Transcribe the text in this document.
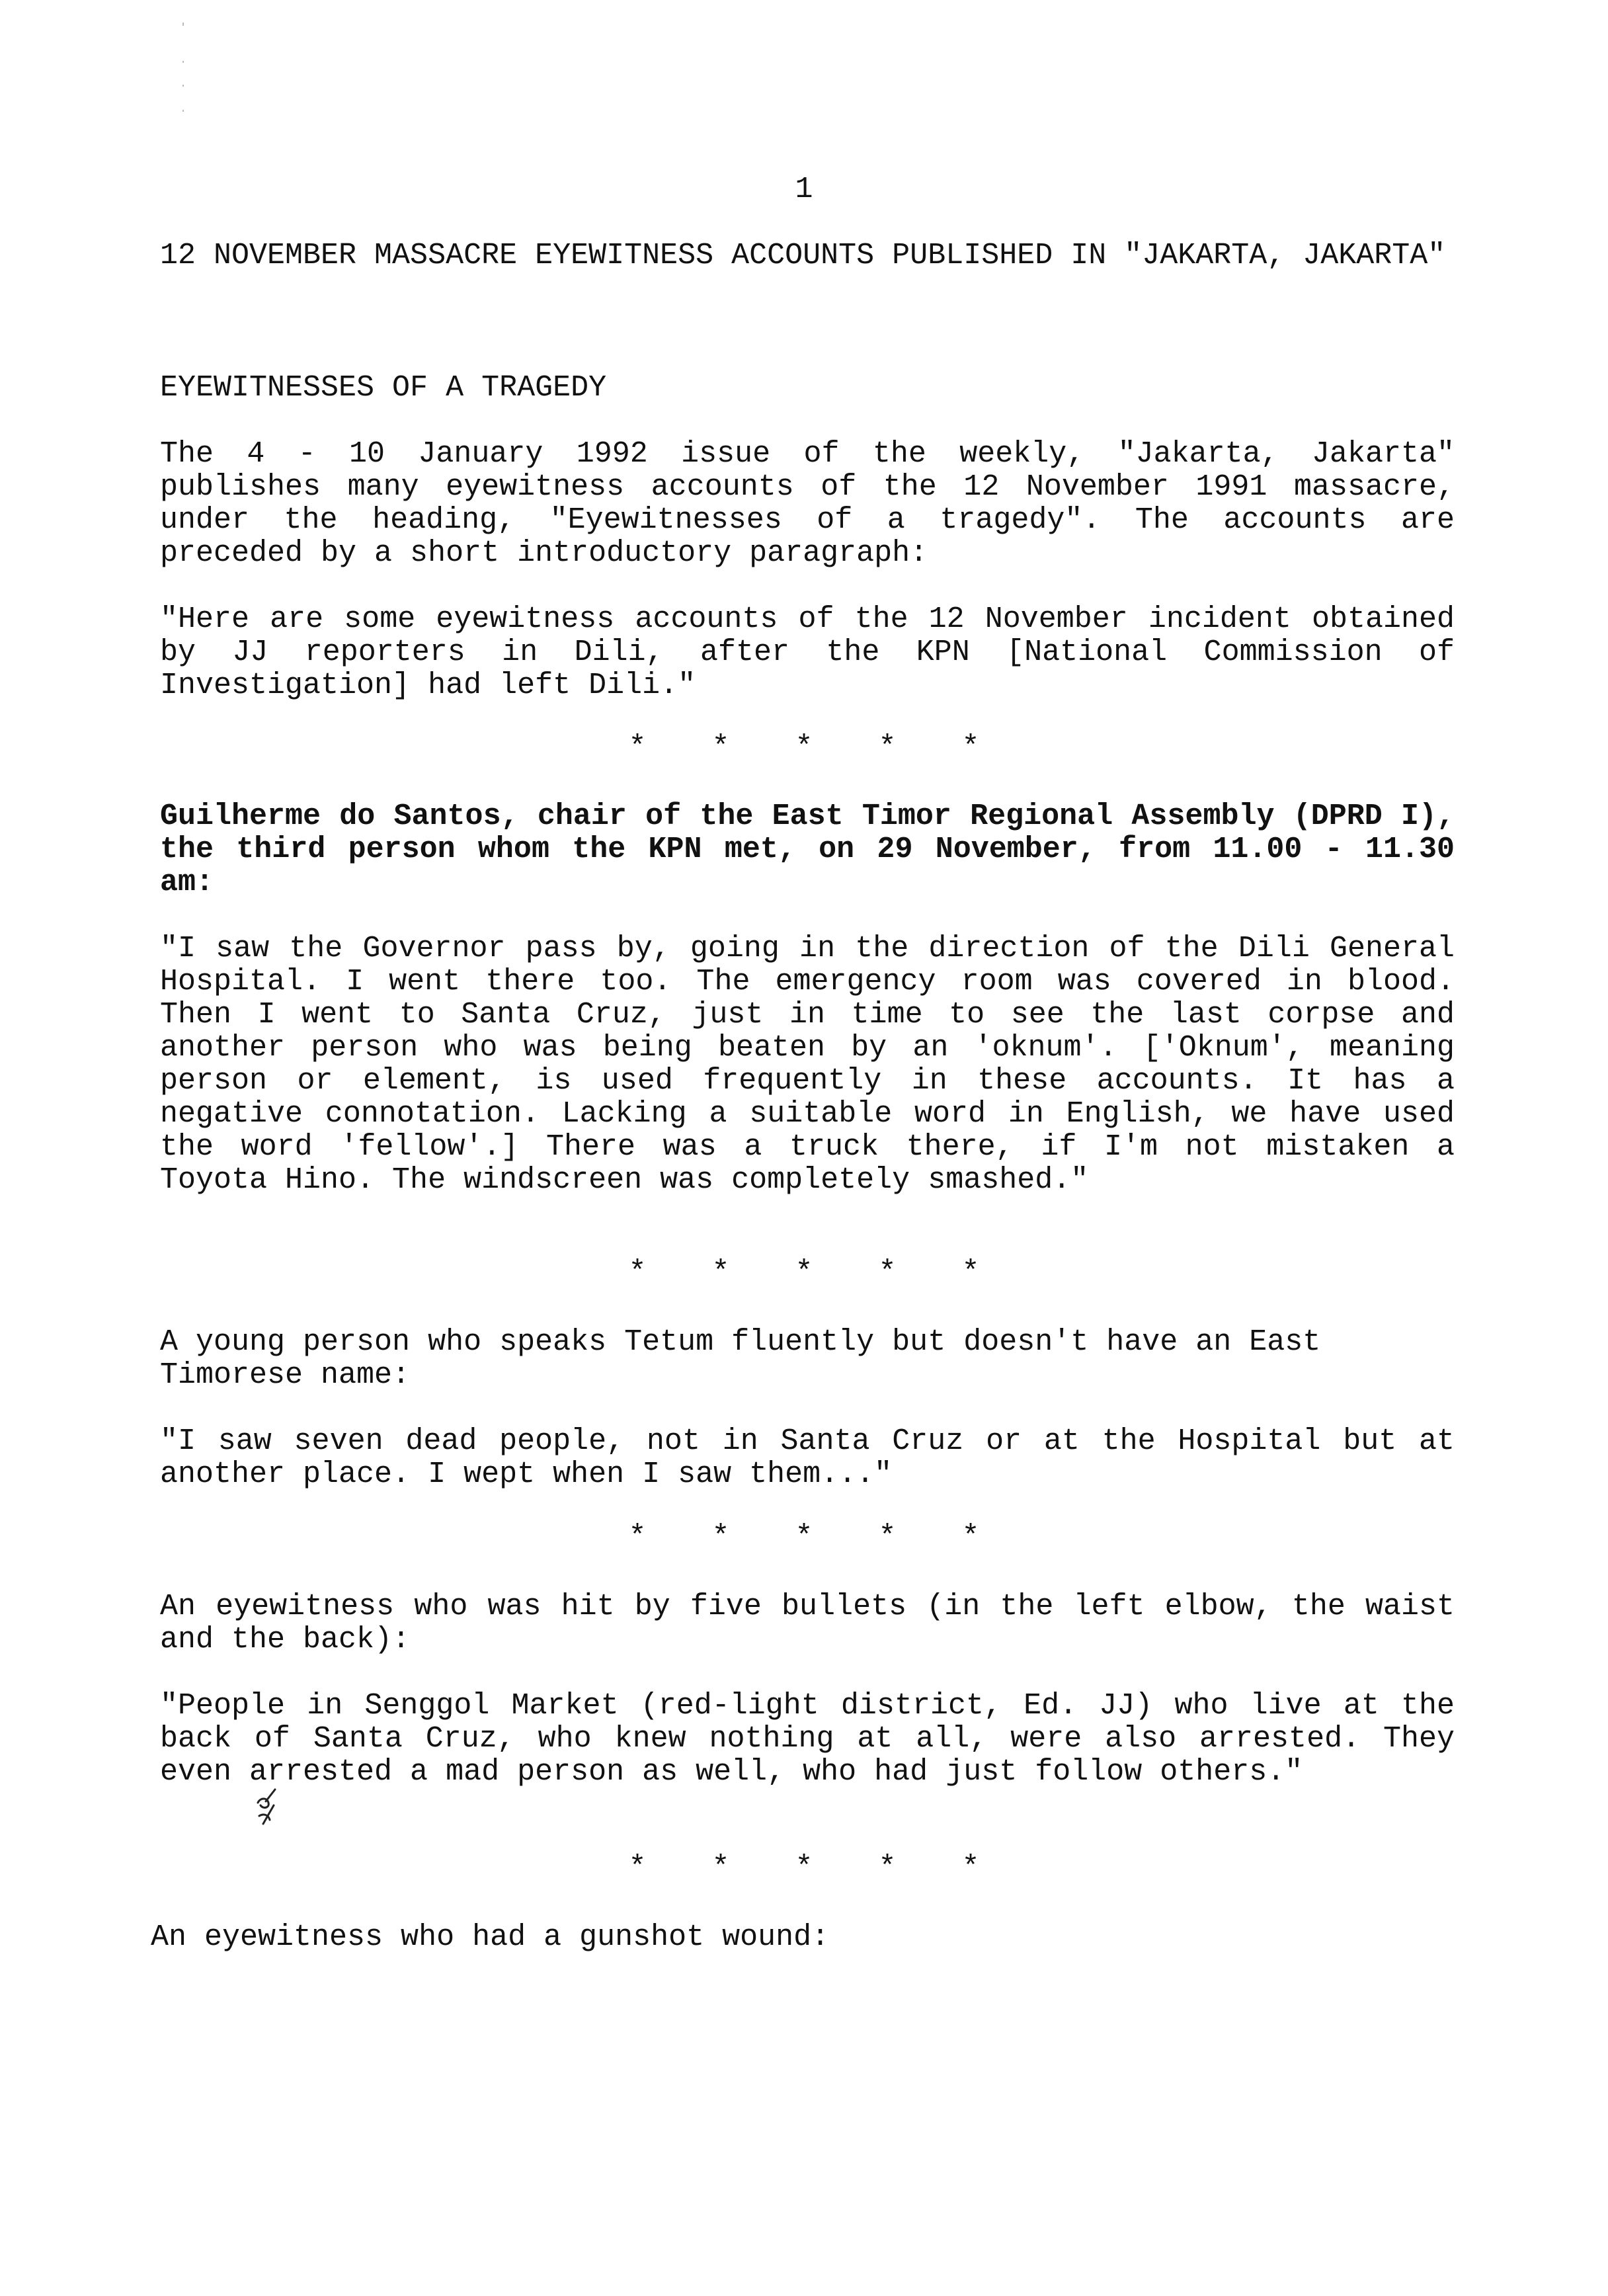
1

12 NOVEMBER MASSACRE EYEWITNESS ACCOUNTS PUBLISHED IN "JAKARTA, JAKARTA"

EYEWITNESSES OF A TRAGEDY

The 4 - 10 January 1992 issue of the weekly, "Jakarta, Jakarta" publishes many eyewitness accounts of the 12 November 1991 massacre, under the heading, "Eyewitnesses of a tragedy". The accounts are preceded by a short introductory paragraph:

"Here are some eyewitness accounts of the 12 November incident obtained by JJ reporters in Dili, after the KPN [National Commission of Investigation] had left Dili."

* * * * *

Guilherme do Santos, chair of the East Timor Regional Assembly (DPRD I), the third person whom the KPN met, on 29 November, from 11.00 - 11.30 am:

"I saw the Governor pass by, going in the direction of the Dili General Hospital. I went there too. The emergency room was covered in blood. Then I went to Santa Cruz, just in time to see the last corpse and another person who was being beaten by an 'oknum'. ['Oknum', meaning person or element, is used frequently in these accounts. It has a negative connotation. Lacking a suitable word in English, we have used the word 'fellow'.] There was a truck there, if I'm not mistaken a Toyota Hino. The windscreen was completely smashed."

* * * * *

A young person who speaks Tetum fluently but doesn't have an East Timorese name:

"I saw seven dead people, not in Santa Cruz or at the Hospital but at another place. I wept when I saw them..."

* * * * *

An eyewitness who was hit by five bullets (in the left elbow, the waist and the back):

"People in Senggol Market (red-light district, Ed. JJ) who live at the back of Santa Cruz, who knew nothing at all, were also arrested. They even arrested a mad person as well, who had just follow others."

* * * * *

An eyewitness who had a gunshot wound:
